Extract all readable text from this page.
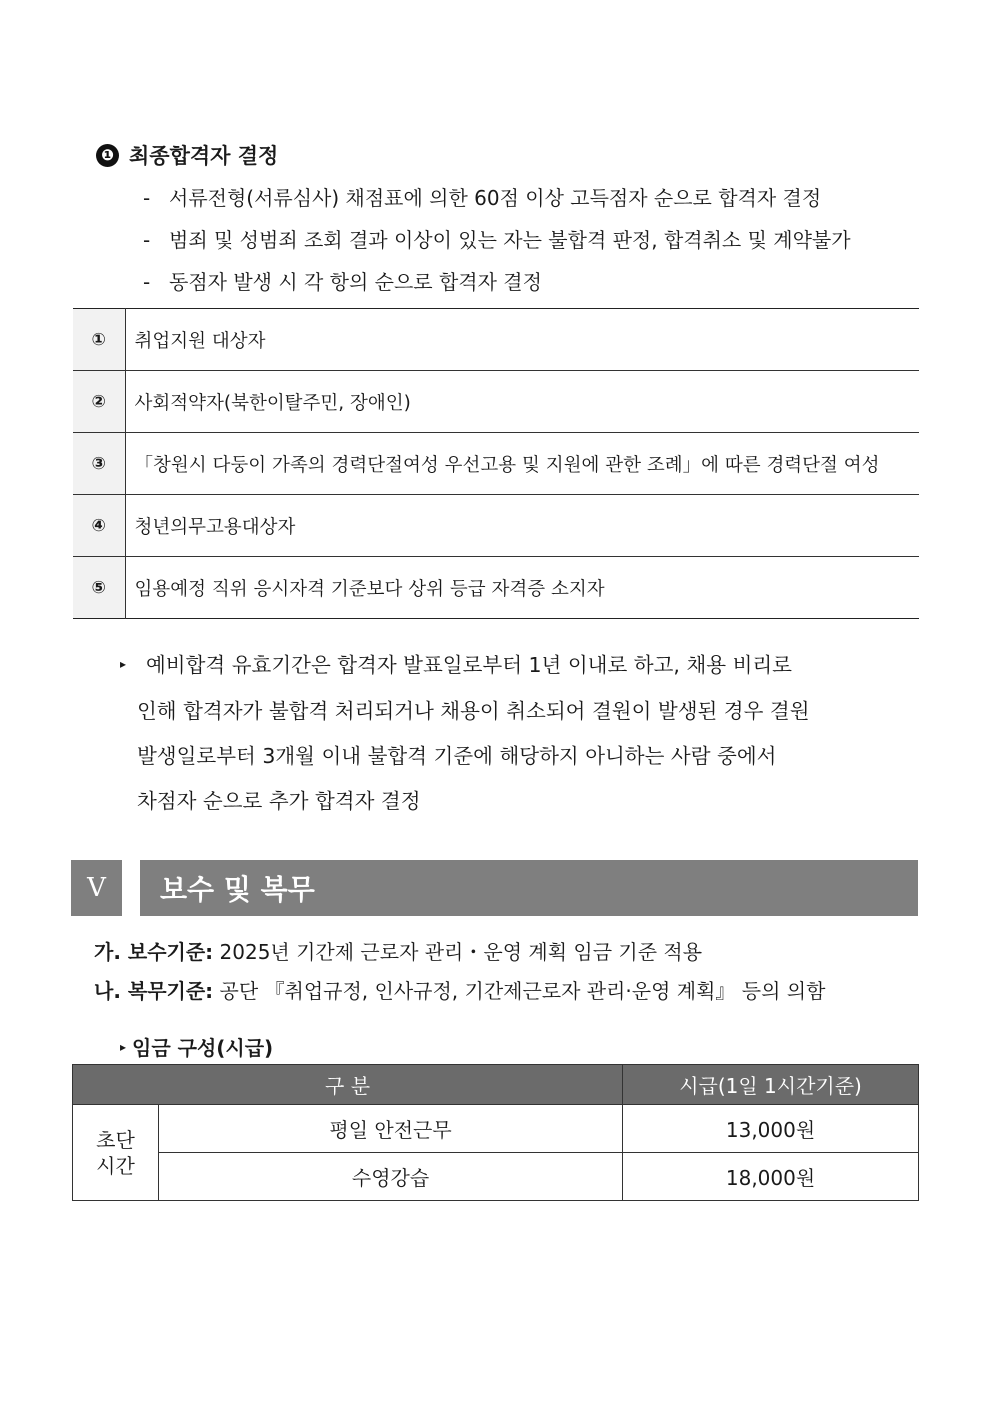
❶ 최종합격자 결정
- 서류전형(서류심사) 채점표에 의한 60점 이상 고득점자 순으로 합격자 결정
- 범죄 및 성범죄 조회 결과 이상이 있는 자는 불합격 판정, 합격취소 및 계약불가
- 동점자 발생 시 각 항의 순으로 합격자 결정
①	취업지원 대상자
②	사회적약자(북한이탈주민, 장애인)
③	「창원시 다둥이 가족의 경력단절여성 우선고용 및 지원에 관한 조례」에 따른 경력단절 여성
④	청년의무고용대상자
⑤	임용예정 직위 응시자격 기준보다 상위 등급 자격증 소지자
▸ 예비합격 유효기간은 합격자 발표일로부터 1년 이내로 하고, 채용 비리로
인해 합격자가 불합격 처리되거나 채용이 취소되어 결원이 발생된 경우 결원
발생일로부터 3개월 이내 불합격 기준에 해당하지 아니하는 사람 중에서
차점자 순으로 추가 합격자 결정
Ⅴ	보수 및 복무
가. 보수기준: 2025년 기간제 근로자 관리・운영 계획 임금 기준 적용
나. 복무기준: 공단 『취업규정, 인사규정, 기간제근로자 관리·운영 계획』 등의 의함
▸ 임금 구성(시급)
구 분		시급(1일 1시간기준)
초단
시간	평일 안전근무	13,000원
	수영강습	18,000원
